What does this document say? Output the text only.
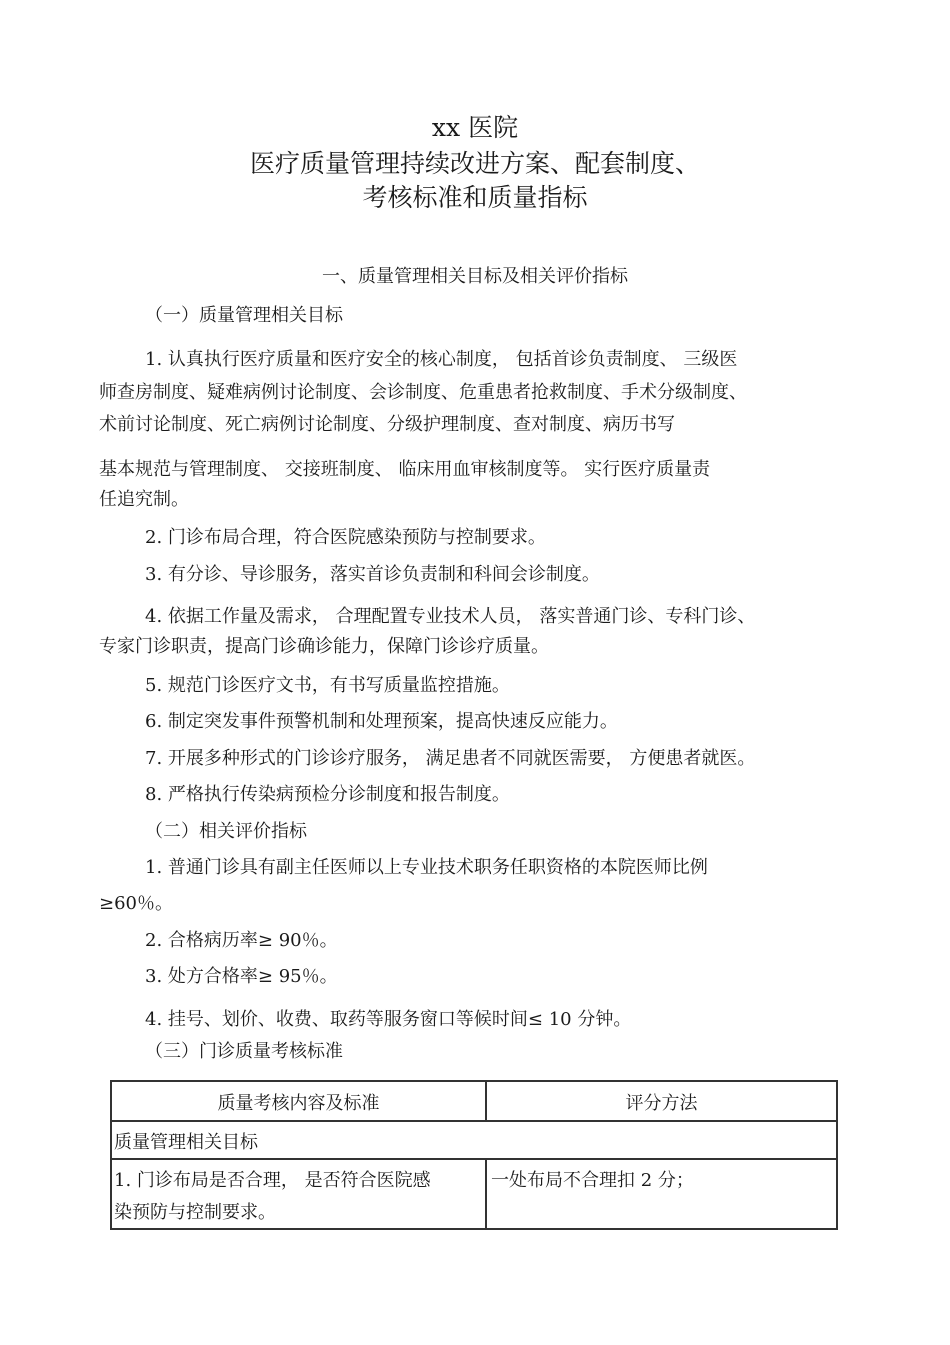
xx 医院
医疗质量管理持续改进方案、配套制度、
考核标准和质量指标
一、质量管理相关目标及相关评价指标
（一）质量管理相关目标
1. 认真执行医疗质量和医疗安全的核心制度， 包括首诊负责制度、 三级医
师查房制度、疑难病例讨论制度、会诊制度、危重患者抢救制度、手术分级制度、
术前讨论制度、死亡病例讨论制度、分级护理制度、查对制度、病历书写
基本规范与管理制度、 交接班制度、 临床用血审核制度等。 实行医疗质量责
任追究制。
2. 门诊布局合理，符合医院感染预防与控制要求。
3. 有分诊、导诊服务，落实首诊负责制和科间会诊制度。
4. 依据工作量及需求， 合理配置专业技术人员， 落实普通门诊、专科门诊、
专家门诊职责，提高门诊确诊能力，保障门诊诊疗质量。
5. 规范门诊医疗文书，有书写质量监控措施。
6. 制定突发事件预警机制和处理预案，提高快速反应能力。
7. 开展多种形式的门诊诊疗服务， 满足患者不同就医需要， 方便患者就医。
8. 严格执行传染病预检分诊制度和报告制度。
（二）相关评价指标
1. 普通门诊具有副主任医师以上专业技术职务任职资格的本院医师比例
≥60％。
2. 合格病历率≥ 90％。
3. 处方合格率≥ 95％。
4. 挂号、划价、收费、取药等服务窗口等候时间≤ 10 分钟。
（三）门诊质量考核标准
质量考核内容及标准	评分方法
质量管理相关目标
1. 门诊布局是否合理， 是否符合医院感
染预防与控制要求。
一处布局不合理扣 2 分；
